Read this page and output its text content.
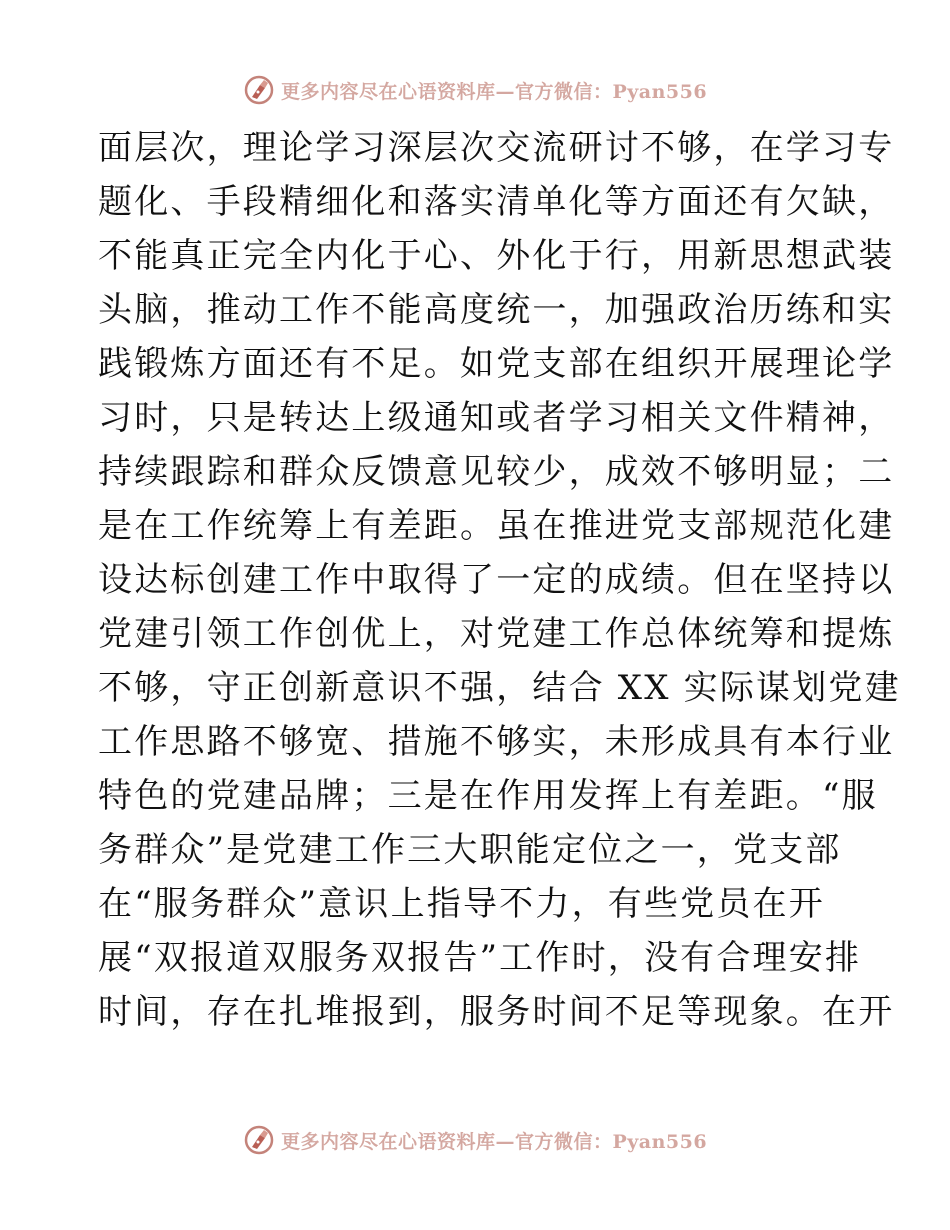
更多内容尽在心语资料库—官方微信：Pyan556
面层次，理论学习深层次交流研讨不够，在学习专
题化、手段精细化和落实清单化等方面还有欠缺，
不能真正完全内化于心、外化于行，用新思想武装
头脑，推动工作不能高度统一，加强政治历练和实
践锻炼方面还有不足。如党支部在组织开展理论学
习时，只是转达上级通知或者学习相关文件精神，
持续跟踪和群众反馈意见较少，成效不够明显；二
是在工作统筹上有差距。虽在推进党支部规范化建
设达标创建工作中取得了一定的成绩。但在坚持以
党建引领工作创优上，对党建工作总体统筹和提炼
不够，守正创新意识不强，结合 XX 实际谋划党建
工作思路不够宽、措施不够实，未形成具有本行业
特色的党建品牌；三是在作用发挥上有差距。“服
务群众”是党建工作三大职能定位之一，党支部
在“服务群众”意识上指导不力，有些党员在开
展“双报道双服务双报告”工作时，没有合理安排
时间，存在扎堆报到，服务时间不足等现象。在开
更多内容尽在心语资料库—官方微信：Pyan556
